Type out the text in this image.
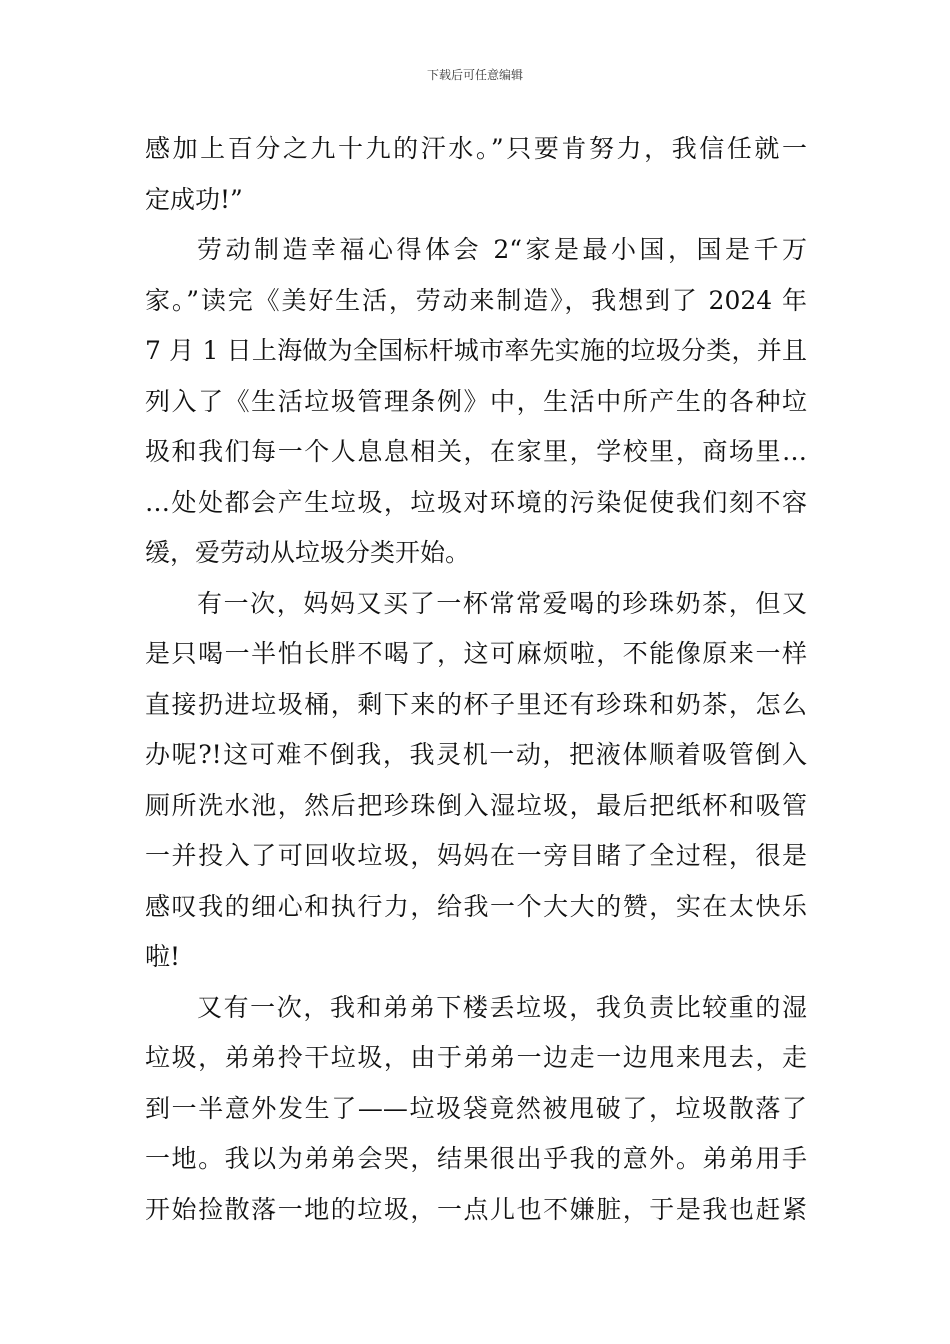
下载后可任意编辑
感加上百分之九十九的汗水。”只要肯努力，我信任就一
定成功!”
劳动制造幸福心得体会 2“家是最小国，国是千万
家。”读完《美好生活，劳动来制造》，我想到了 2024 年
7 月 1 日上海做为全国标杆城市率先实施的垃圾分类，并且
列入了《生活垃圾管理条例》中，生活中所产生的各种垃
圾和我们每一个人息息相关，在家里，学校里，商场里…
…处处都会产生垃圾，垃圾对环境的污染促使我们刻不容
缓，爱劳动从垃圾分类开始。
有一次，妈妈又买了一杯常常爱喝的珍珠奶茶，但又
是只喝一半怕长胖不喝了，这可麻烦啦，不能像原来一样
直接扔进垃圾桶，剩下来的杯子里还有珍珠和奶茶，怎么
办呢?!这可难不倒我，我灵机一动，把液体顺着吸管倒入
厕所洗水池，然后把珍珠倒入湿垃圾，最后把纸杯和吸管
一并投入了可回收垃圾，妈妈在一旁目睹了全过程，很是
感叹我的细心和执行力，给我一个大大的赞，实在太快乐
啦!
又有一次，我和弟弟下楼丢垃圾，我负责比较重的湿
垃圾，弟弟拎干垃圾，由于弟弟一边走一边甩来甩去，走
到一半意外发生了——垃圾袋竟然被甩破了，垃圾散落了
一地。我以为弟弟会哭，结果很出乎我的意外。弟弟用手
开始捡散落一地的垃圾，一点儿也不嫌脏，于是我也赶紧
